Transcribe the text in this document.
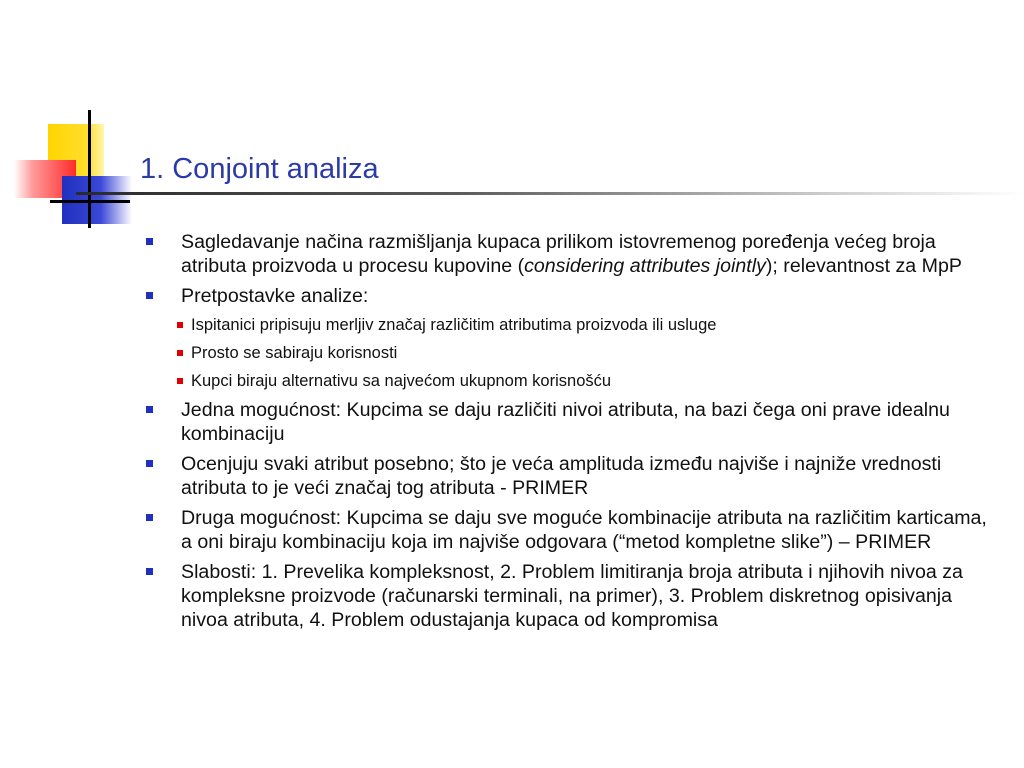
1. Conjoint analiza
Sagledavanje načina razmišljanja kupaca prilikom istovremenog poređenja većeg broja atributa proizvoda u procesu kupovine (considering attributes jointly); relevantnost za MpP
Pretpostavke analize:
Ispitanici pripisuju merljiv značaj različitim atributima proizvoda ili usluge
Prosto se sabiraju korisnosti
Kupci biraju alternativu sa najvećom ukupnom korisnošću
Jedna mogućnost: Kupcima se daju različiti nivoi atributa, na bazi čega oni prave idealnu kombinaciju
Ocenjuju svaki atribut posebno; što je veća amplituda između najviše i najniže vrednosti atributa to je veći značaj tog atributa - PRIMER
Druga mogućnost: Kupcima se daju sve moguće kombinacije atributa na različitim karticama, a oni biraju kombinaciju koja im najviše odgovara (“metod kompletne slike”) – PRIMER
Slabosti: 1. Prevelika kompleksnost, 2. Problem limitiranja broja atributa i njihovih nivoa za kompleksne proizvode (računarski terminali, na primer), 3. Problem diskretnog opisivanja nivoa atributa, 4. Problem odustajanja kupaca od kompromisa
